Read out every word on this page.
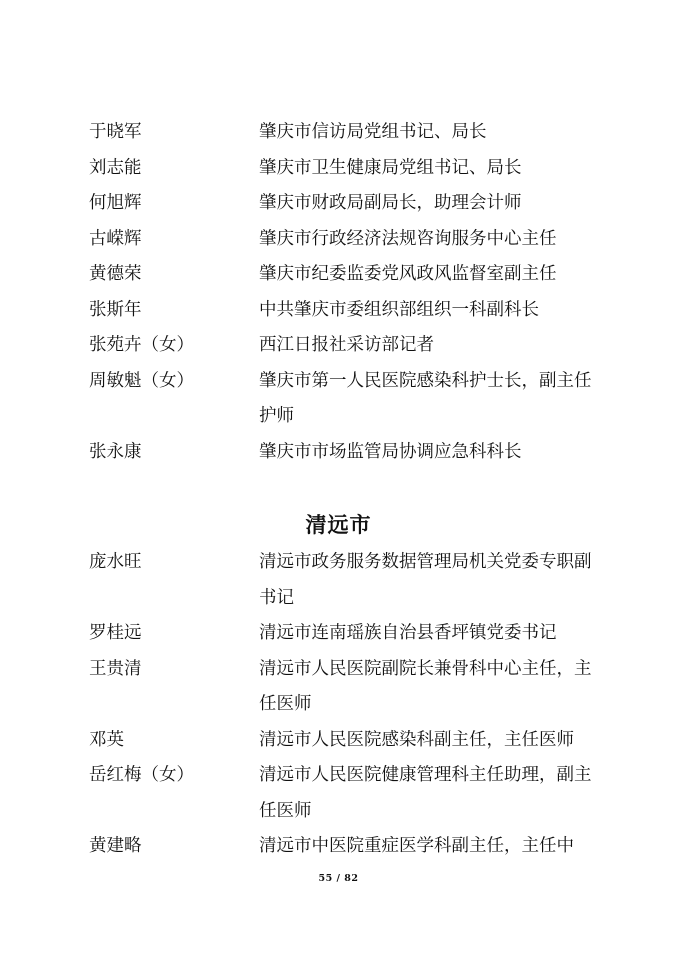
于晓军	肇庆市信访局党组书记、局长
刘志能	肇庆市卫生健康局党组书记、局长
何旭辉	肇庆市财政局副局长，助理会计师
古嵘辉	肇庆市行政经济法规咨询服务中心主任
黄德荣	肇庆市纪委监委党风政风监督室副主任
张斯年	中共肇庆市委组织部组织一科副科长
张苑卉（女）	西江日报社采访部记者
周敏魁（女）	肇庆市第一人民医院感染科护士长，副主任护师
张永康	肇庆市市场监管局协调应急科科长
清远市
庞水旺	清远市政务服务数据管理局机关党委专职副书记
罗桂远	清远市连南瑶族自治县香坪镇党委书记
王贵清	清远市人民医院副院长兼骨科中心主任，主任医师
邓英	清远市人民医院感染科副主任，主任医师
岳红梅（女）	清远市人民医院健康管理科主任助理，副主任医师
黄建略	清远市中医院重症医学科副主任，主任中
55 / 82
